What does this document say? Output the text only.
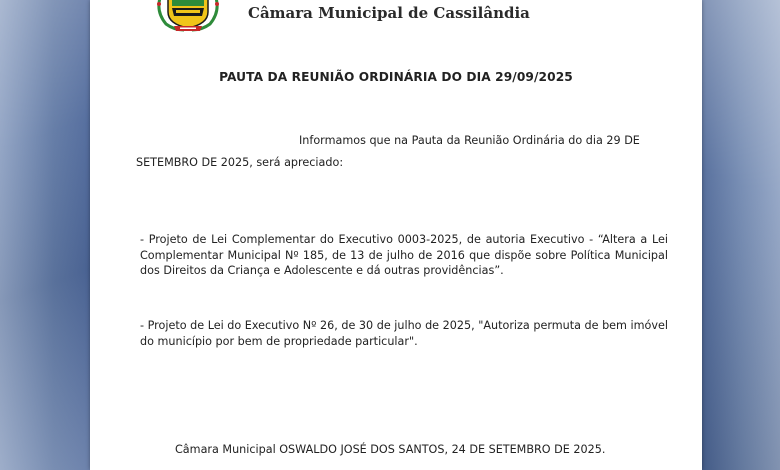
Câmara Municipal de Cassilândia
PAUTA DA REUNIÃO ORDINÁRIA DO DIA 29/09/2025
Informamos que na Pauta da Reunião Ordinária do dia 29 DE
SETEMBRO DE 2025, será apreciado:
- Projeto de Lei Complementar do Executivo 0003-2025, de autoria Executivo - “Altera a Lei Complementar Municipal Nº 185, de 13 de julho de 2016 que dispõe sobre Política Municipal dos Direitos da Criança e Adolescente e dá outras providências”.
- Projeto de Lei do Executivo Nº 26, de 30 de julho de 2025, "Autoriza permuta de bem imóvel do município por bem de propriedade particular".
Câmara Municipal OSWALDO JOSÉ DOS SANTOS, 24 DE SETEMBRO DE 2025.
